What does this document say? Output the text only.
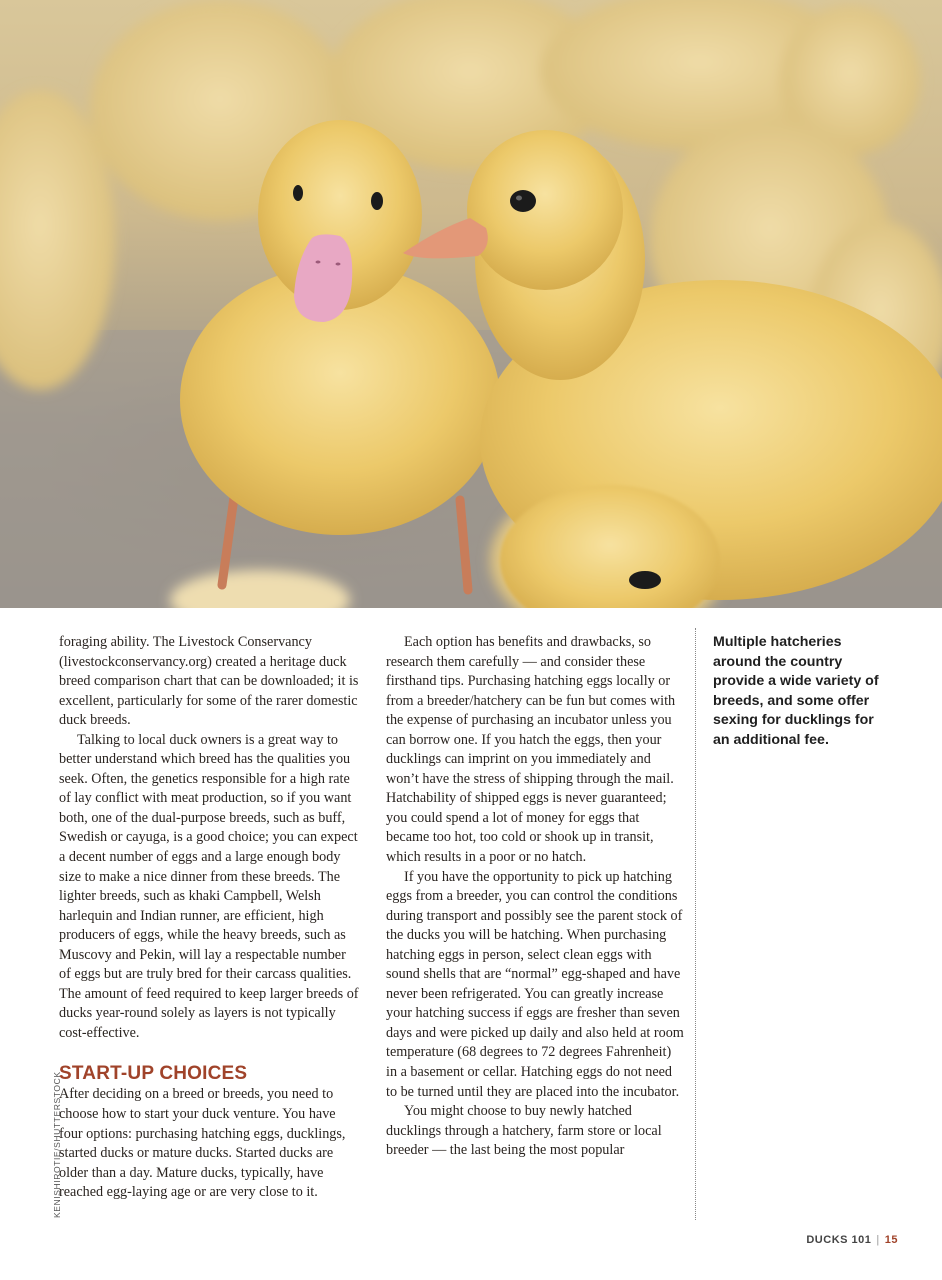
KENISHIROTIE/SHUTTERSTOCK

foraging ability. The Livestock Conservancy (livestockconservancy.org) created a heritage duck breed comparison chart that can be downloaded; it is excellent, particularly for some of the rarer domestic duck breeds.

Talking to local duck owners is a great way to better understand which breed has the qualities you seek. Often, the genetics responsible for a high rate of lay conflict with meat production, so if you want both, one of the dual-purpose breeds, such as buff, Swedish or cayuga, is a good choice; you can expect a decent number of eggs and a large enough body size to make a nice dinner from these breeds. The lighter breeds, such as khaki Campbell, Welsh harlequin and Indian runner, are efficient, high producers of eggs, while the heavy breeds, such as Muscovy and Pekin, will lay a respectable number of eggs but are truly bred for their carcass qualities. The amount of feed required to keep larger breeds of ducks year-round solely as layers is not typically cost-effective.

START-UP CHOICES

After deciding on a breed or breeds, you need to choose how to start your duck venture. You have four options: purchasing hatching eggs, ducklings, started ducks or mature ducks. Started ducks are older than a day. Mature ducks, typically, have reached egg-laying age or are very close to it.

Each option has benefits and drawbacks, so research them carefully — and consider these firsthand tips. Purchasing hatching eggs locally or from a breeder/hatchery can be fun but comes with the expense of purchasing an incubator unless you can borrow one. If you hatch the eggs, then your ducklings can imprint on you immediately and won’t have the stress of shipping through the mail. Hatchability of shipped eggs is never guaranteed; you could spend a lot of money for eggs that became too hot, too cold or shook up in transit, which results in a poor or no hatch.

If you have the opportunity to pick up hatching eggs from a breeder, you can control the conditions during transport and possibly see the parent stock of the ducks you will be hatching. When purchasing hatching eggs in person, select clean eggs with sound shells that are “normal” egg-shaped and have never been refrigerated. You can greatly increase your hatching success if eggs are fresher than seven days and were picked up daily and also held at room temperature (68 degrees to 72 degrees Fahrenheit) in a basement or cellar. Hatching eggs do not need to be turned until they are placed into the incubator.

You might choose to buy newly hatched ducklings through a hatchery, farm store or local breeder — the last being the most popular

Multiple hatcheries around the country provide a wide variety of breeds, and some offer sexing for ducklings for an additional fee.
DUCKS 101 | 15
